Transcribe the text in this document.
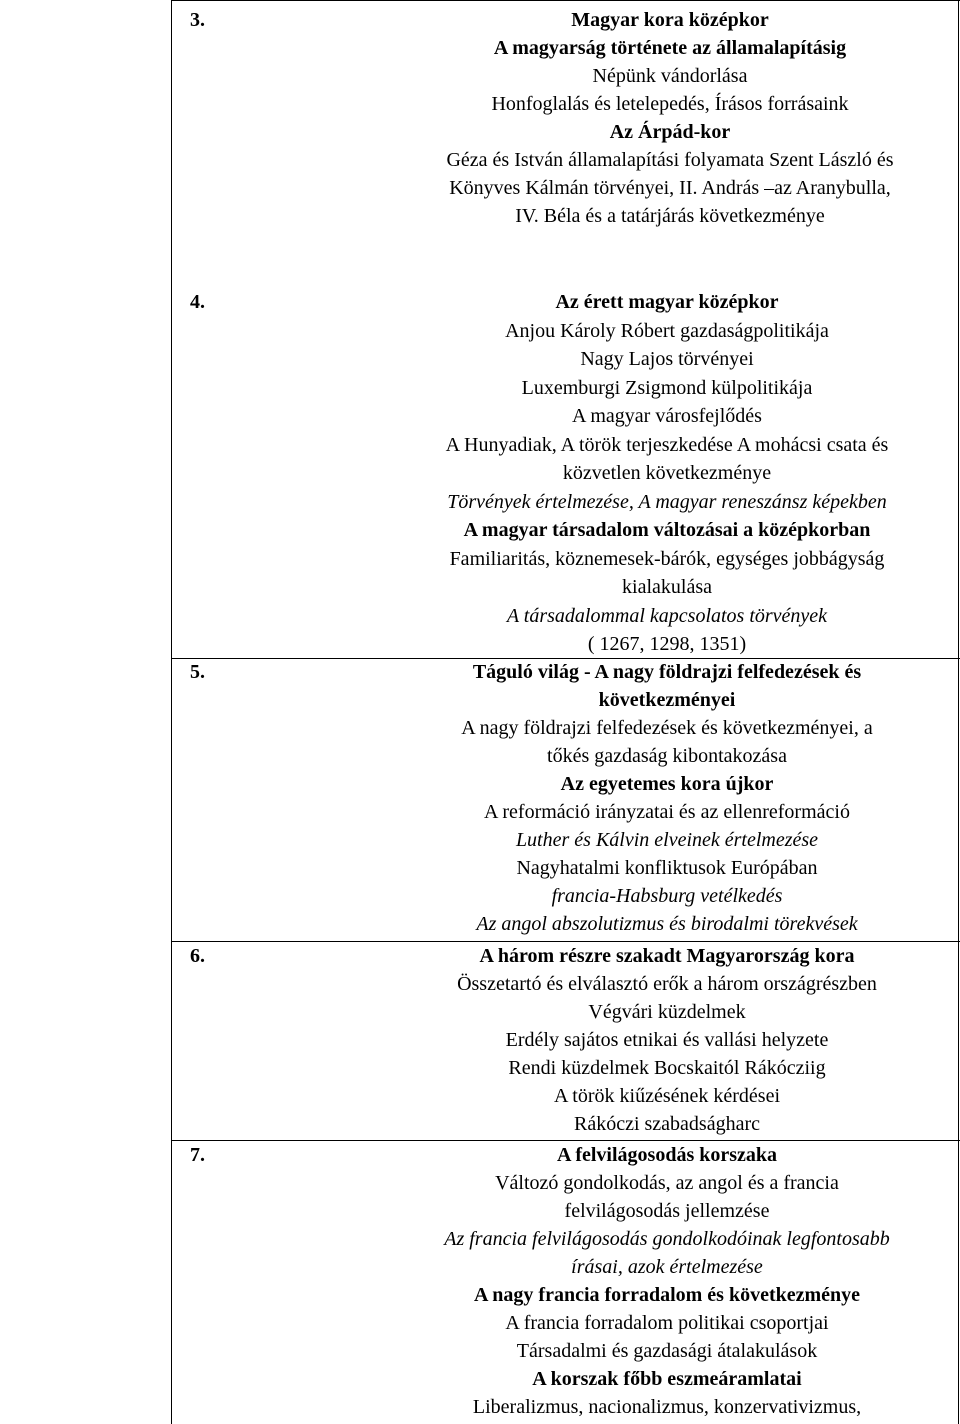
3.	Magyar kora középkor
A magyarság története az államalapításig
Népünk vándorlása
Honfoglalás és letelepedés, Írásos forrásaink
Az Árpád-kor
Géza és István államalapítási folyamata Szent László és
Könyves Kálmán törvényei, II. András –az Aranybulla,
IV. Béla és a tatárjárás következménye
4.	Az érett magyar középkor
Anjou Károly Róbert gazdaságpolitikája
Nagy Lajos törvényei
Luxemburgi Zsigmond külpolitikája
A magyar városfejlődés
A Hunyadiak, A török terjeszkedése A mohácsi csata és
közvetlen következménye
Törvények értelmezése, A magyar reneszánsz képekben
A magyar társadalom változásai a középkorban
Familiaritás, köznemesek-bárók, egységes jobbágyság
kialakulása
A társadalommal kapcsolatos törvények
( 1267, 1298, 1351)
5.	Táguló világ - A nagy földrajzi felfedezések és
következményei
A nagy földrajzi felfedezések és következményei, a
tőkés gazdaság kibontakozása
Az egyetemes kora újkor
A reformáció irányzatai és az ellenreformáció
Luther és Kálvin elveinek értelmezése
Nagyhatalmi konfliktusok Európában
francia-Habsburg vetélkedés
Az angol abszolutizmus és birodalmi törekvések
6.	A három részre szakadt Magyarország kora
Összetartó és elválasztó erők a három országrészben
Végvári küzdelmek
Erdély sajátos etnikai és vallási helyzete
Rendi küzdelmek Bocskaitól Rákócziig
A török kiűzésének kérdései
Rákóczi szabadságharc
7.	A felvilágosodás korszaka
Változó gondolkodás, az angol és a francia
felvilágosodás jellemzése
Az francia felvilágosodás gondolkodóinak legfontosabb
írásai, azok értelmezése
A nagy francia forradalom és következménye
A francia forradalom politikai csoportjai
Társadalmi és gazdasági átalakulások
A korszak főbb eszmeáramlatai
Liberalizmus, nacionalizmus, konzervativizmus,
